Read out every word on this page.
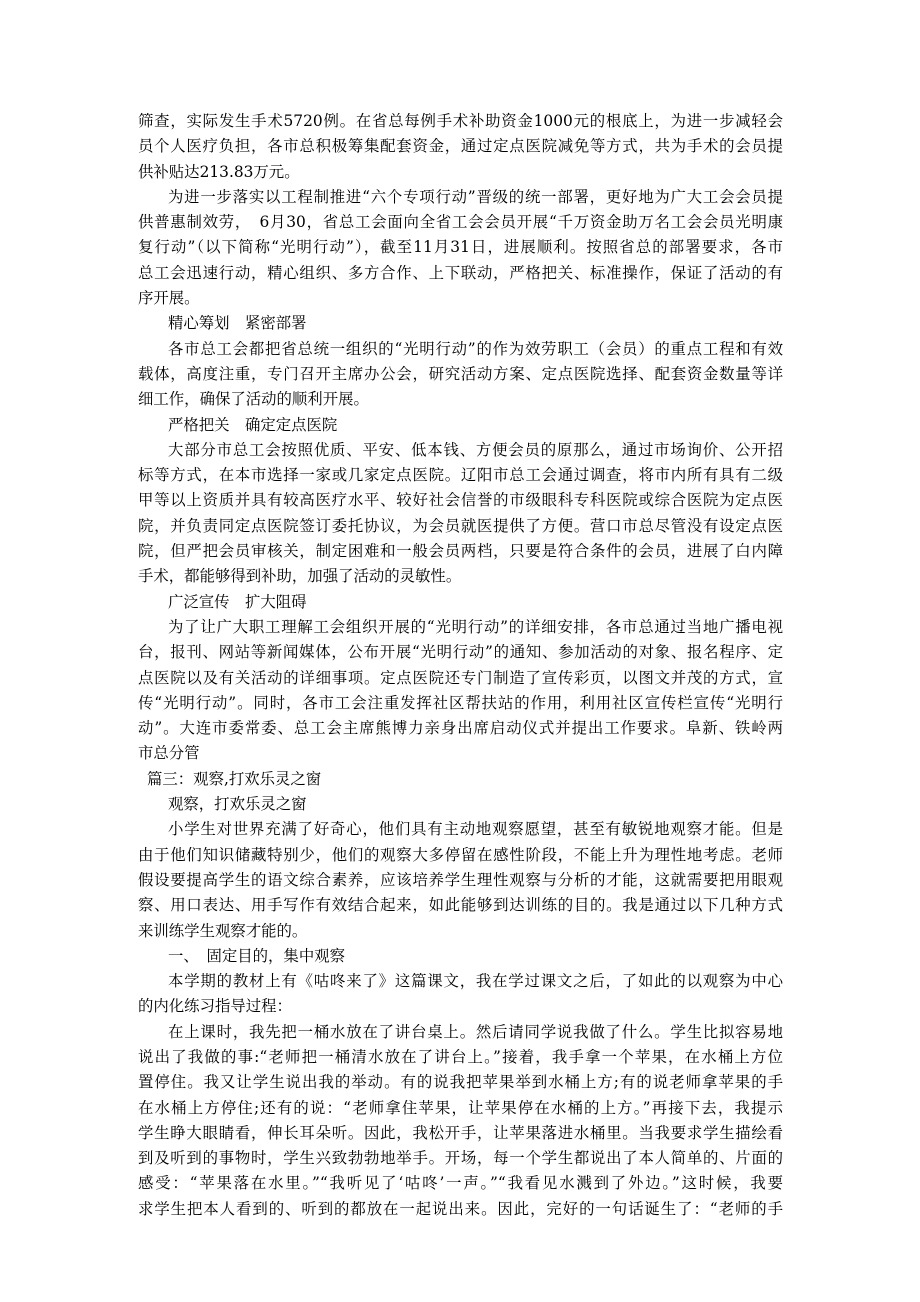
筛查，实际发生手术5720例。在省总每例手术补助资金1000元的根底上，为进一步减轻会
员个人医疗负担，各市总积极筹集配套资金，通过定点医院减免等方式，共为手术的会员提
供补贴达213.83万元。
为进一步落实以工程制推进“六个专项行动”晋级的统一部署，更好地为广大工会会员提
供普惠制效劳，　6月30，省总工会面向全省工会会员开展“千万资金助万名工会会员光明康
复行动”（以下简称“光明行动”），截至11月31日，进展顺利。按照省总的部署要求，各市
总工会迅速行动，精心组织、多方合作、上下联动，严格把关、标准操作，保证了活动的有
序开展。
精心筹划　紧密部署
各市总工会都把省总统一组织的“光明行动”的作为效劳职工（会员）的重点工程和有效
载体，高度注重，专门召开主席办公会，研究活动方案、定点医院选择、配套资金数量等详
细工作，确保了活动的顺利开展。
严格把关　确定定点医院
大部分市总工会按照优质、平安、低本钱、方便会员的原那么，通过市场询价、公开招
标等方式，在本市选择一家或几家定点医院。辽阳市总工会通过调查，将市内所有具有二级
甲等以上资质并具有较高医疗水平、较好社会信誉的市级眼科专科医院或综合医院为定点医
院，并负责同定点医院签订委托协议，为会员就医提供了方便。营口市总尽管没有设定点医
院，但严把会员审核关，制定困难和一般会员两档，只要是符合条件的会员，进展了白内障
手术，都能够得到补助，加强了活动的灵敏性。
广泛宣传　扩大阻碍
为了让广大职工理解工会组织开展的“光明行动”的详细安排，各市总通过当地广播电视
台，报刊、网站等新闻媒体，公布开展“光明行动”的通知、参加活动的对象、报名程序、定
点医院以及有关活动的详细事项。定点医院还专门制造了宣传彩页，以图文并茂的方式，宣
传“光明行动”。同时，各市工会注重发挥社区帮扶站的作用，利用社区宣传栏宣传“光明行
动”。大连市委常委、总工会主席熊博力亲身出席启动仪式并提出工作要求。阜新、铁岭两
市总分管
篇三：观察,打欢乐灵之窗
观察，打欢乐灵之窗
小学生对世界充满了好奇心，他们具有主动地观察愿望，甚至有敏锐地观察才能。但是
由于他们知识储藏特别少，他们的观察大多停留在感性阶段，不能上升为理性地考虑。老师
假设要提高学生的语文综合素养，应该培养学生理性观察与分析的才能，这就需要把用眼观
察、用口表达、用手写作有效结合起来，如此能够到达训练的目的。我是通过以下几种方式
来训练学生观察才能的。
一、　固定目的，集中观察
本学期的教材上有《咕咚来了》这篇课文，我在学过课文之后，了如此的以观察为中心
的内化练习指导过程：
在上课时，我先把一桶水放在了讲台桌上。然后请同学说我做了什么。学生比拟容易地
说出了我做的事:“老师把一桶清水放在了讲台上。”接着，我手拿一个苹果，在水桶上方位
置停住。我又让学生说出我的举动。有的说我把苹果举到水桶上方;有的说老师拿苹果的手
在水桶上方停住;还有的说：“老师拿住苹果，让苹果停在水桶的上方。”再接下去，我提示
学生睁大眼睛看，伸长耳朵听。因此，我松开手，让苹果落进水桶里。当我要求学生描绘看
到及听到的事物时，学生兴致勃勃地举手。开场，每一个学生都说出了本人简单的、片面的
感受：“苹果落在水里。”“我听见了‘咕咚’一声。”“我看见水溅到了外边。”这时候，我要
求学生把本人看到的、听到的都放在一起说出来。因此，完好的一句话诞生了：“老师的手
